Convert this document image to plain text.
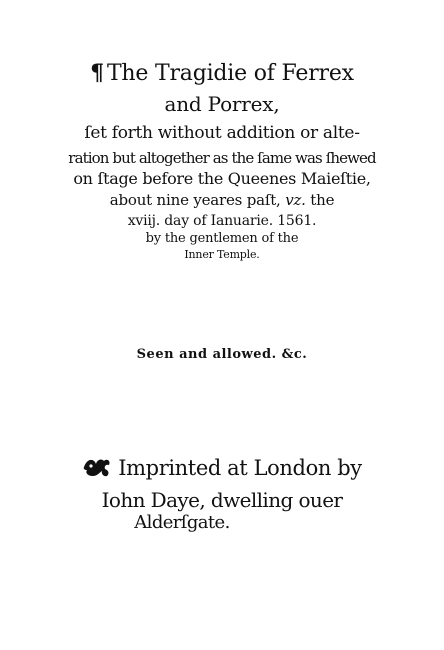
¶ The Tragidie of Ferrex
and Porrex,
ſet forth without addition or alte-
ration but altogether as the ſame was ſhewed
on ſtage before the Queenes Maieſtie,
about nine yeares paſt, vz. the
xviij. day of Ianuarie. 1561.
by the gentlemen of the
Inner Temple.
Seen and allowed. &c.
Imprinted at London by
Iohn Daye, dwelling ouer
Alderſgate.
